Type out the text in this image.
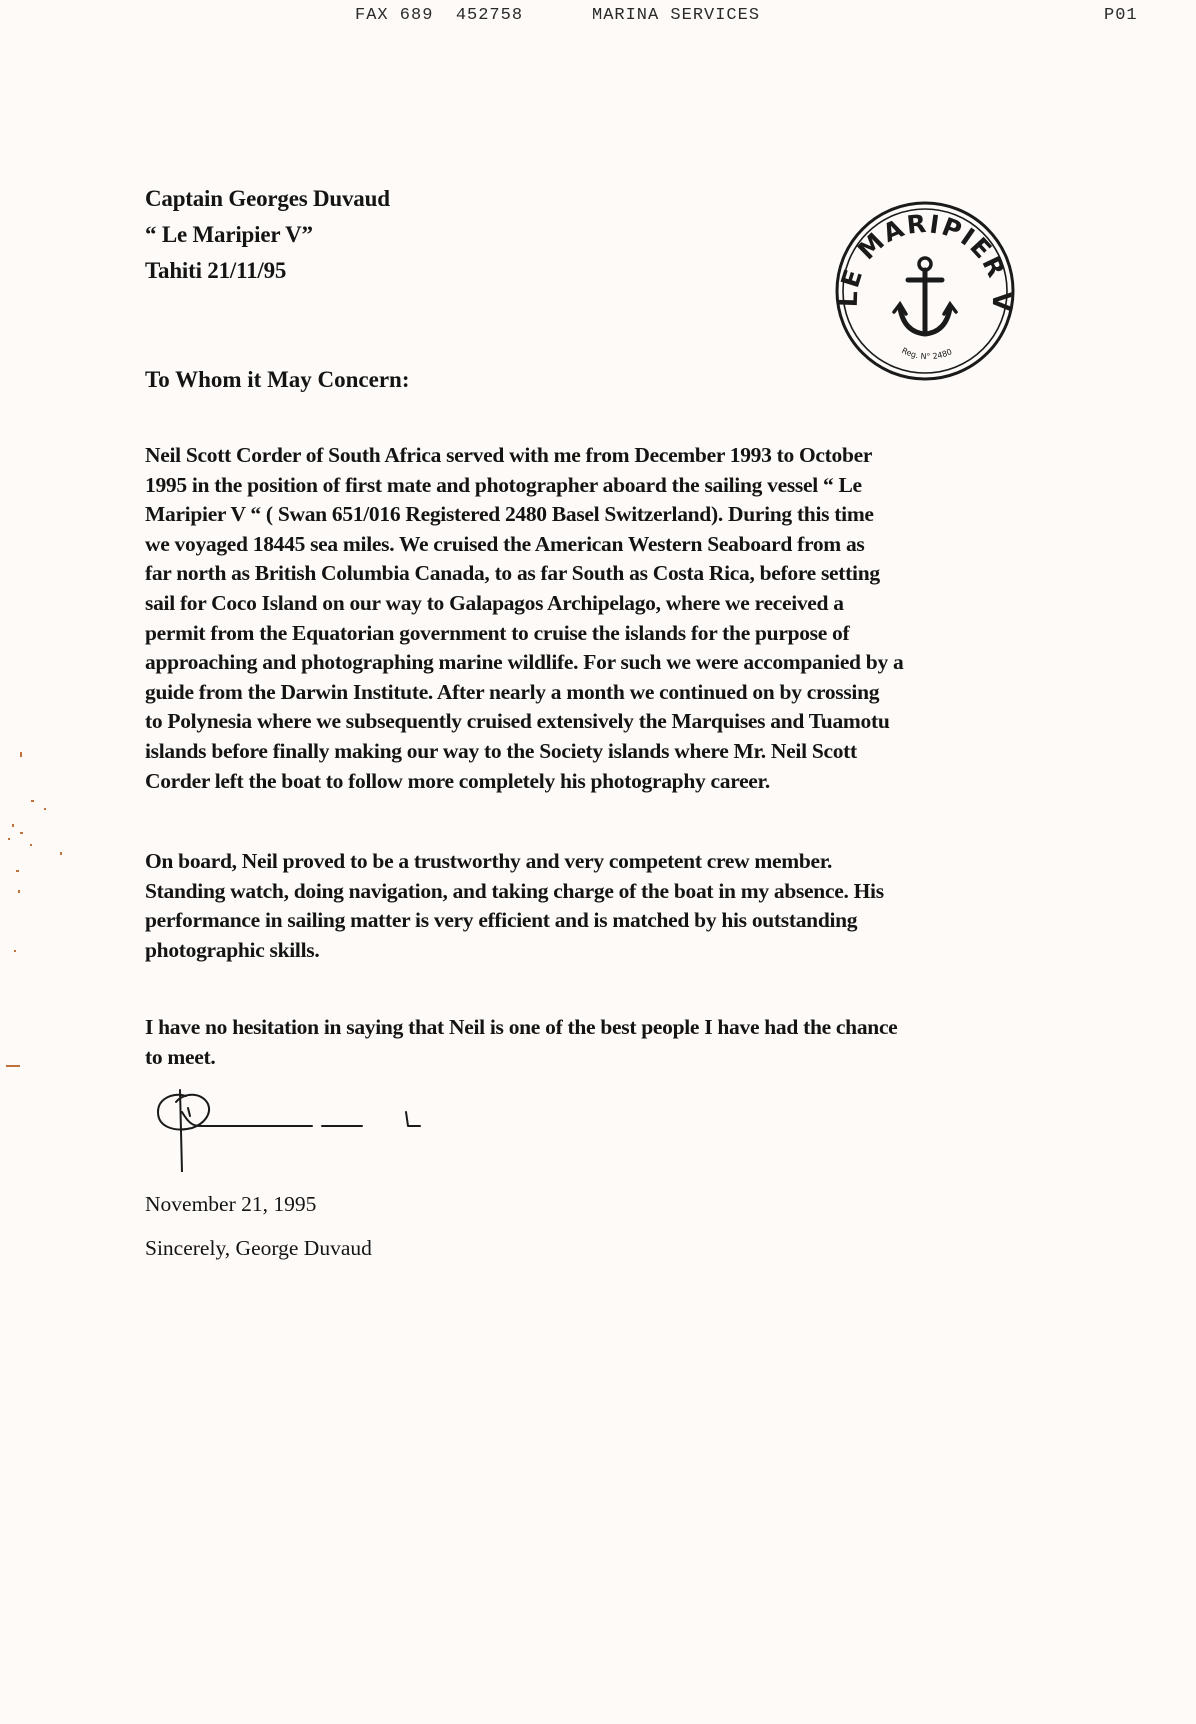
FAX 689  452758	MARINA SERVICES	P01
Captain Georges Duvaud
“ Le Maripier V”
Tahiti 21/11/95
LE MARIPIER V
Reg. N° 2480
To Whom it May Concern:
Neil Scott Corder of South Africa served with me from December 1993 to October
1995 in the position of first mate and photographer aboard the sailing vessel “ Le
Maripier V “ ( Swan 651/016 Registered 2480 Basel Switzerland). During this time
we voyaged 18445 sea miles. We cruised the American Western Seaboard from as
far north as British Columbia Canada, to as far South as Costa Rica, before setting
sail for Coco Island on our way to Galapagos Archipelago, where we received a
permit from the Equatorian government to cruise the islands for the purpose of
approaching and photographing marine wildlife. For such we were accompanied by a
guide from the Darwin Institute. After nearly a month we continued on by crossing
to Polynesia where we subsequently cruised extensively the Marquises and Tuamotu
islands before finally making our way to the Society islands where Mr. Neil Scott
Corder left the boat to follow more completely his photography career.
On board, Neil proved to be a trustworthy and very competent crew member.
Standing watch, doing navigation, and taking charge of the boat in my absence. His
performance in sailing matter is very efficient and is matched by his outstanding
photographic skills.
I have no hesitation in saying that Neil is one of the best people I have had the chance
to meet.
November 21, 1995
Sincerely, George Duvaud
